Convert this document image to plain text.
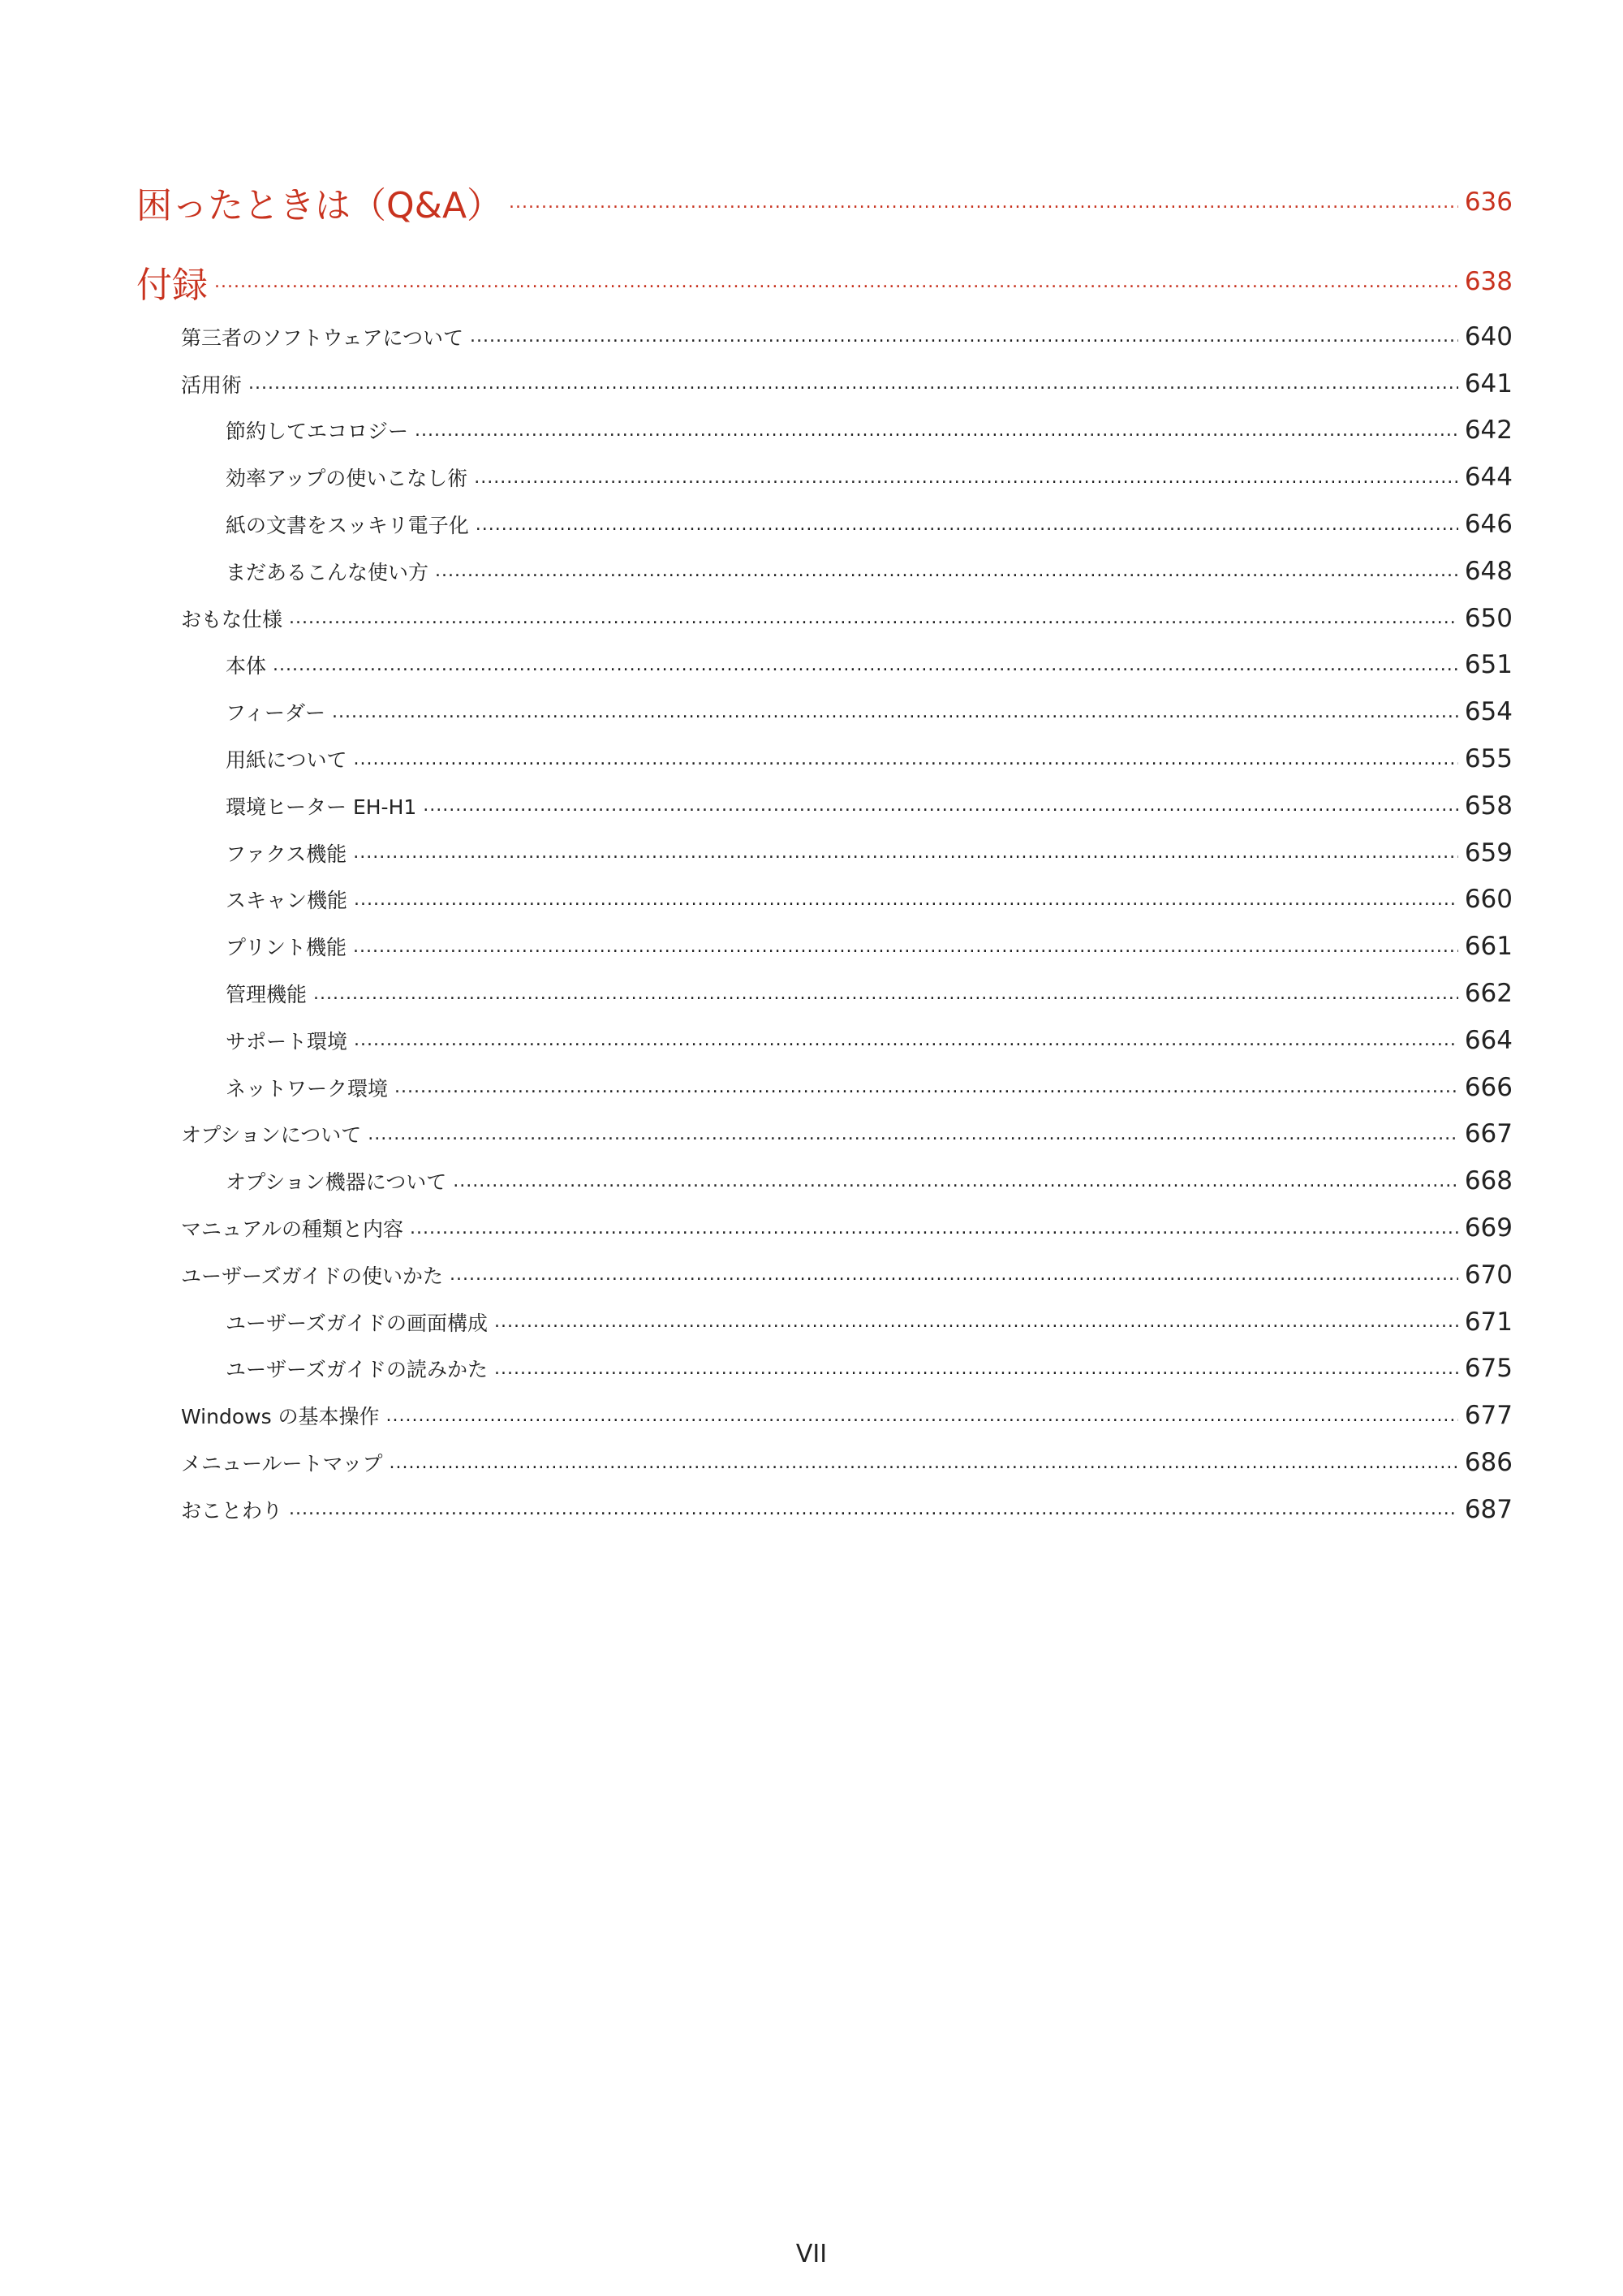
困ったときは（Q&A） .....	636
付録 .....	638
第三者のソフトウェアについて .....	640
活用術 .....	641
節約してエコロジー .....	642
効率アップの使いこなし術 .....	644
紙の文書をスッキリ電子化 .....	646
まだあるこんな使い方 .....	648
おもな仕様 .....	650
本体 .....	651
フィーダー .....	654
用紙について .....	655
環境ヒーター EH-H1 .....	658
ファクス機能 .....	659
スキャン機能 .....	660
プリント機能 .....	661
管理機能 .....	662
サポート環境 .....	664
ネットワーク環境 .....	666
オプションについて .....	667
オプション機器について .....	668
マニュアルの種類と内容 .....	669
ユーザーズガイドの使いかた .....	670
ユーザーズガイドの画面構成 .....	671
ユーザーズガイドの読みかた .....	675
Windows の基本操作 .....	677
メニュールートマップ .....	686
おことわり .....	687
VII
